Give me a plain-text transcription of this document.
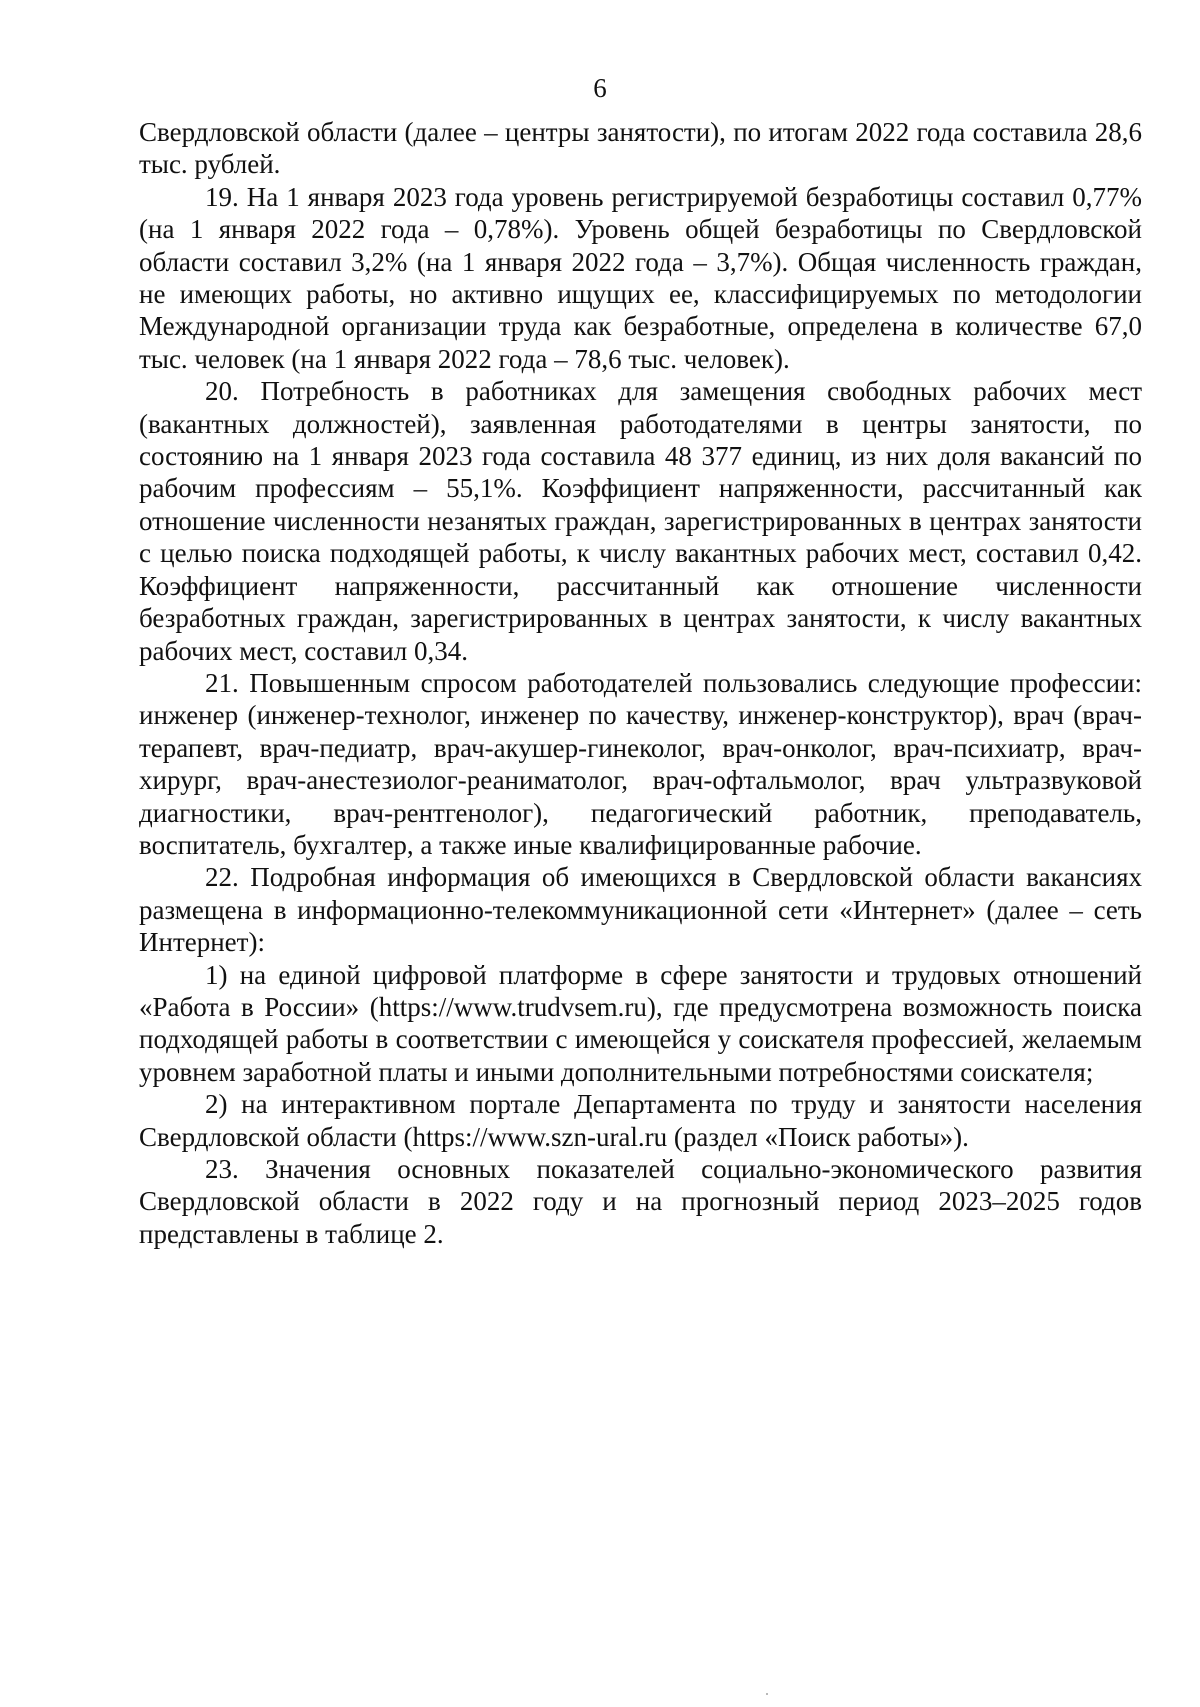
6

Свердловской области (далее – центры занятости), по итогам 2022 года составила 28,6 тыс. рублей.

19. На 1 января 2023 года уровень регистрируемой безработицы составил 0,77% (на 1 января 2022 года – 0,78%). Уровень общей безработицы по Свердловской области составил 3,2% (на 1 января 2022 года – 3,7%). Общая численность граждан, не имеющих работы, но активно ищущих ее, классифицируемых по методологии Международной организации труда как безработные, определена в количестве 67,0 тыс. человек (на 1 января 2022 года – 78,6 тыс. человек).

20. Потребность в работниках для замещения свободных рабочих мест (вакантных должностей), заявленная работодателями в центры занятости, по состоянию на 1 января 2023 года составила 48 377 единиц, из них доля вакансий по рабочим профессиям – 55,1%. Коэффициент напряженности, рассчитанный как отношение численности незанятых граждан, зарегистрированных в центрах занятости с целью поиска подходящей работы, к числу вакантных рабочих мест, составил 0,42. Коэффициент напряженности, рассчитанный как отношение численности безработных граждан, зарегистрированных в центрах занятости, к числу вакантных рабочих мест, составил 0,34.

21. Повышенным спросом работодателей пользовались следующие профессии: инженер (инженер-технолог, инженер по качеству, инженер-конструктор), врач (врач-терапевт, врач-педиатр, врач-акушер-гинеколог, врач-онколог, врач-психиатр, врач-хирург, врач-анестезиолог-реаниматолог, врач-офтальмолог, врач ультразвуковой диагностики, врач-рентгенолог), педагогический работник, преподаватель, воспитатель, бухгалтер, а также иные квалифицированные рабочие.

22. Подробная информация об имеющихся в Свердловской области вакансиях размещена в информационно-телекоммуникационной сети «Интернет» (далее – сеть Интернет):

1) на единой цифровой платформе в сфере занятости и трудовых отношений «Работа в России» (https://www.trudvsem.ru), где предусмотрена возможность поиска подходящей работы в соответствии с имеющейся у соискателя профессией, желаемым уровнем заработной платы и иными дополнительными потребностями соискателя;

2) на интерактивном портале Департамента по труду и занятости населения Свердловской области (https://www.szn-ural.ru (раздел «Поиск работы»).

23. Значения основных показателей социально-экономического развития Свердловской области в 2022 году и на прогнозный период 2023–2025 годов представлены в таблице 2.
